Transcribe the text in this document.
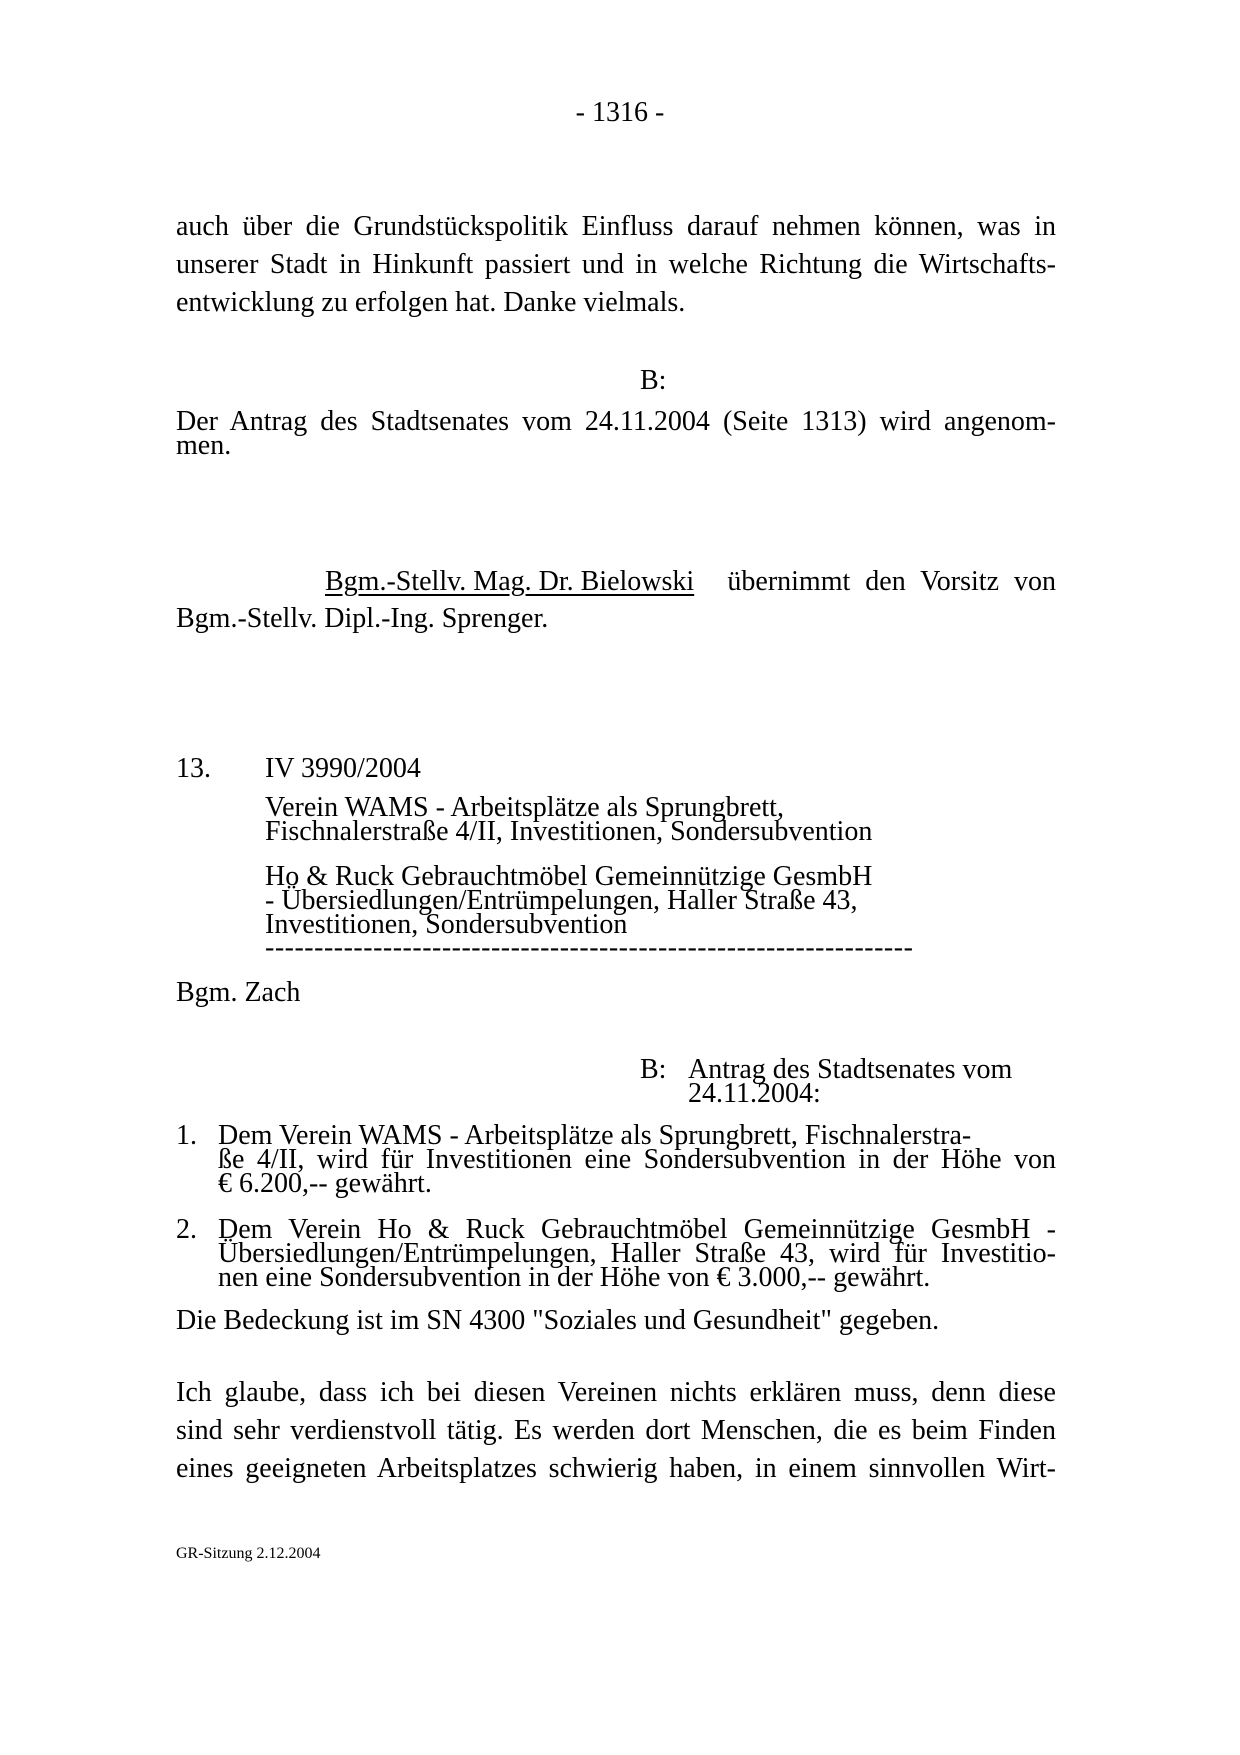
- 1316 -
auch über die Grundstückspolitik Einfluss darauf nehmen können, was in
unserer Stadt in Hinkunft passiert und in welche Richtung die Wirtschafts-
entwicklung zu erfolgen hat. Danke vielmals.
B:
Der Antrag des Stadtsenates vom 24.11.2004 (Seite 1313) wird angenom-
men.
Bgm.-Stellv. Mag. Dr. Bielowski übernimmt den Vorsitz von
Bgm.-Stellv. Dipl.-Ing. Sprenger.
13. IV 3990/2004
Verein WAMS - Arbeitsplätze als Sprungbrett,
Fischnalerstraße 4/II, Investitionen, Sondersubvention
Ho & Ruck Gebrauchtmöbel Gemeinnützige GesmbH
- Übersiedlungen/Entrümpelungen, Haller Straße 43,
Investitionen, Sondersubvention
------------------------------------------------------------------
Bgm. Zach
B: Antrag des Stadtsenates vom
24.11.2004:
1. Dem Verein WAMS - Arbeitsplätze als Sprungbrett, Fischnalerstra-
ße 4/II, wird für Investitionen eine Sondersubvention in der Höhe von
€ 6.200,-- gewährt.
2. Dem Verein Ho & Ruck Gebrauchtmöbel Gemeinnützige GesmbH -
Übersiedlungen/Entrümpelungen, Haller Straße 43, wird für Investitio-
nen eine Sondersubvention in der Höhe von € 3.000,-- gewährt.
Die Bedeckung ist im SN 4300 "Soziales und Gesundheit" gegeben.
Ich glaube, dass ich bei diesen Vereinen nichts erklären muss, denn diese
sind sehr verdienstvoll tätig. Es werden dort Menschen, die es beim Finden
eines geeigneten Arbeitsplatzes schwierig haben, in einem sinnvollen Wirt-
GR-Sitzung 2.12.2004
